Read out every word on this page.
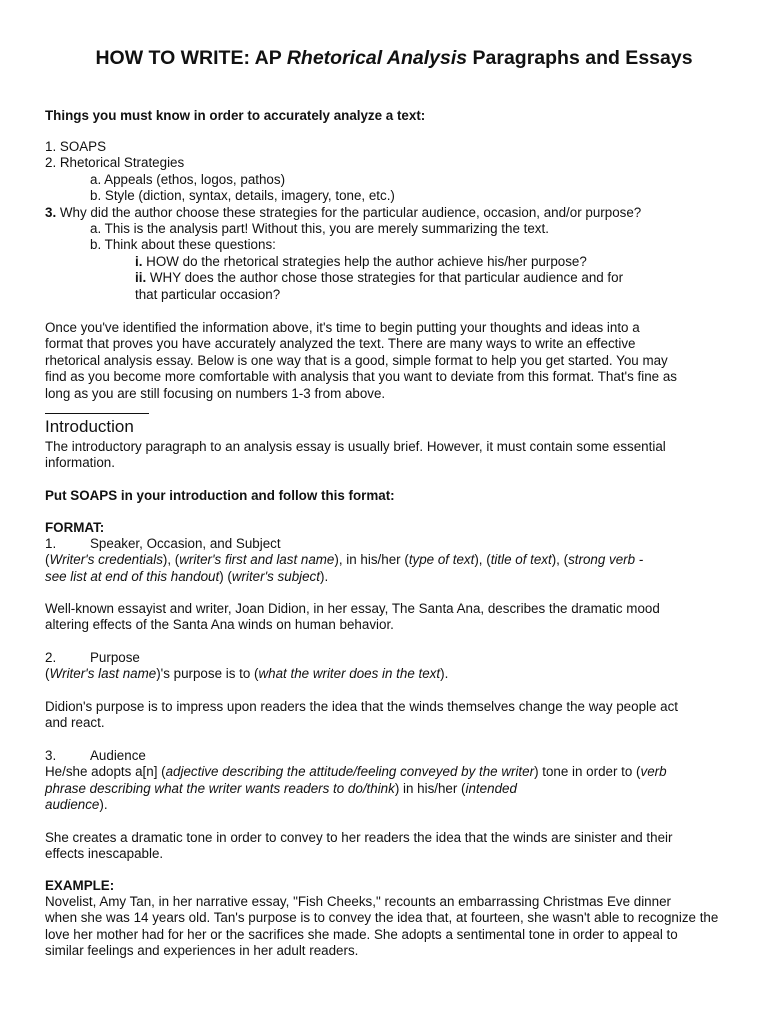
HOW TO WRITE: AP Rhetorical Analysis Paragraphs and Essays

Things you must know in order to accurately analyze a text:

1. SOAPS

2. Rhetorical Strategies

a. Appeals (ethos, logos, pathos)

b. Style (diction, syntax, details, imagery, tone, etc.)

3. Why did the author choose these strategies for the particular audience, occasion, and/or purpose?

a. This is the analysis part! Without this, you are merely summarizing the text.

b. Think about these questions:

i. HOW do the rhetorical strategies help the author achieve his/her purpose?

ii. WHY does the author chose those strategies for that particular audience and for

that particular occasion?

Once you've identified the information above, it's time to begin putting your thoughts and ideas into a

format that proves you have accurately analyzed the text. There are many ways to write an effective

rhetorical analysis essay. Below is one way that is a good, simple format to help you get started. You may

find as you become more comfortable with analysis that you want to deviate from this format. That's fine as

long as you are still focusing on numbers 1-3 from above.

Introduction

The introductory paragraph to an analysis essay is usually brief. However, it must contain some essential

information.

Put SOAPS in your introduction and follow this format:

FORMAT:

1.	Speaker, Occasion, and Subject

(Writer's credentials), (writer's first and last name), in his/her (type of text), (title of text), (strong verb -

see list at end of this handout) (writer's subject).

Well-known essayist and writer, Joan Didion, in her essay, The Santa Ana, describes the dramatic mood

altering effects of the Santa Ana winds on human behavior.

2.	Purpose

(Writer's last name)'s purpose is to (what the writer does in the text).

Didion's purpose is to impress upon readers the idea that the winds themselves change the way people act

and react.

3.	Audience

He/she adopts a[n] (adjective describing the attitude/feeling conveyed by the writer) tone in order to (verb

phrase describing what the writer wants readers to do/think) in his/her (intended

audience).

She creates a dramatic tone in order to convey to her readers the idea that the winds are sinister and their

effects inescapable.

EXAMPLE:

Novelist, Amy Tan, in her narrative essay, "Fish Cheeks," recounts an embarrassing Christmas Eve dinner

when she was 14 years old. Tan's purpose is to convey the idea that, at fourteen, she wasn't able to recognize the

love her mother had for her or the sacrifices she made. She adopts a sentimental tone in order to appeal to

similar feelings and experiences in her adult readers.
